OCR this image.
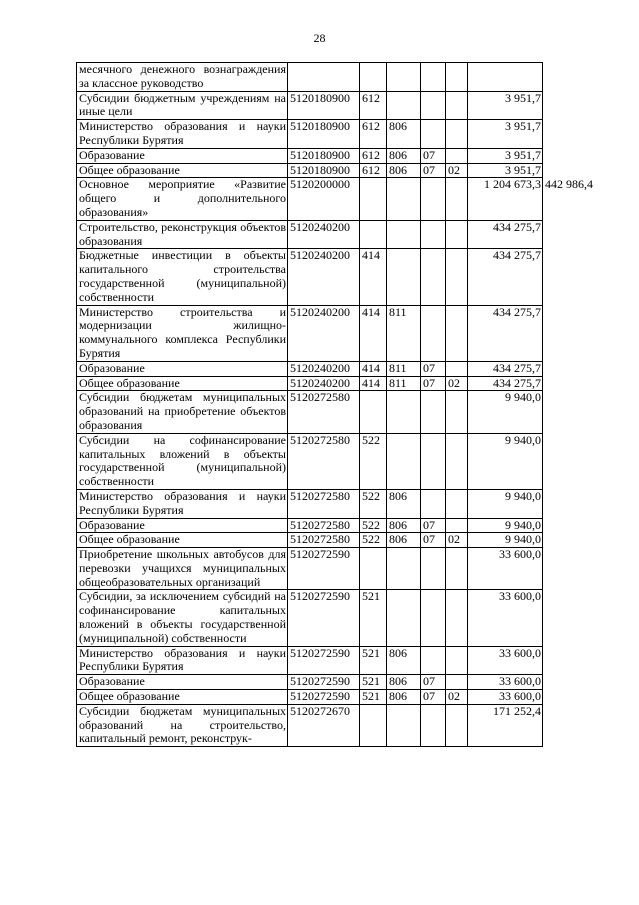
28
месячного денежного вознаграждения за классное руководство							
Субсидии бюджетным учреждениям на иные цели	5120180900	612				3 951,7	
Министерство образования и науки Республики Бурятия	5120180900	612	806			3 951,7	
Образование	5120180900	612	806	07		3 951,7	
Общее образование	5120180900	612	806	07	02	3 951,7	
Основное мероприятие «Развитие общего и дополнительного образования»	5120200000					1 204 673,3	442 986,4
Строительство, реконструкция объектов образования	5120240200					434 275,7	
Бюджетные инвестиции в объекты капитального строительства государственной (муниципальной) собственности	5120240200	414				434 275,7	
Министерство строительства и модернизации жилищно-коммунального комплекса Республики Бурятия	5120240200	414	811			434 275,7	
Образование	5120240200	414	811	07		434 275,7	
Общее образование	5120240200	414	811	07	02	434 275,7	
Субсидии бюджетам муниципальных образований на приобретение объектов образования	5120272580					9 940,0	
Субсидии на софинансирование капитальных вложений в объекты государственной (муниципальной) собственности	5120272580	522				9 940,0	
Министерство образования и науки Республики Бурятия	5120272580	522	806			9 940,0	
Образование	5120272580	522	806	07		9 940,0	
Общее образование	5120272580	522	806	07	02	9 940,0	
Приобретение школьных автобусов для перевозки учащихся муниципальных общеобразовательных организаций	5120272590					33 600,0	
Субсидии, за исключением субсидий на софинансирование капитальных вложений в объекты государственной (муниципальной) собственности	5120272590	521				33 600,0	
Министерство образования и науки Республики Бурятия	5120272590	521	806			33 600,0	
Образование	5120272590	521	806	07		33 600,0	
Общее образование	5120272590	521	806	07	02	33 600,0	
Субсидии бюджетам муниципальных образований на строительство, капитальный ремонт, реконструк-	5120272670					171 252,4	
